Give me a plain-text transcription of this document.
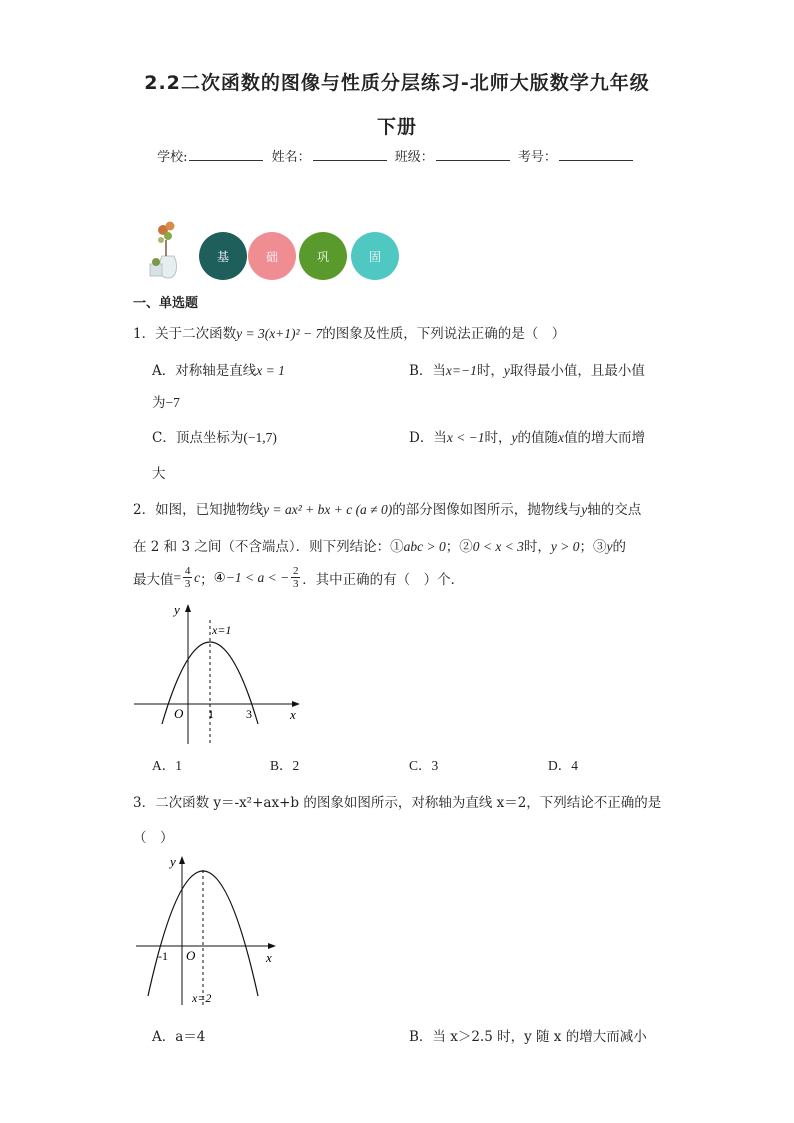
2.2二次函数的图像与性质分层练习-北师大版数学九年级
下册
学校:	姓名：	班级：	考号：
基	础	巩	固
一、单选题
1．关于二次函数y = 3(x+1)² − 7的图象及性质，下列说法正确的是（　）
A．对称轴是直线x = 1	B．当x=−1时，y取得最小值，且最小值
为−7
C．顶点坐标为(−1,7)	D．当x < −1时，y的值随x值的增大而增
大
2．如图，已知抛物线y = ax² + bx + c (a ≠ 0)的部分图像如图所示，抛物线与y轴的交点
在 2 和 3 之间（不含端点）．则下列结论：①abc > 0；②0 < x < 3时，y > 0；③y的
最大值 = 4
3 c ； ④ −1 < a < − 2
3 ．其中正确的有（　）个．
y
x
O 1	3
x=1
A．1	B．2	C．3	D．4
3．二次函数 y＝-x²+ax+b 的图象如图所示，对称轴为直线 x＝2，下列结论不正确的是
（　）
y
x
O
-1
x=2
A．a＝4	B．当 x＞2.5 时，y 随 x 的增大而减小
